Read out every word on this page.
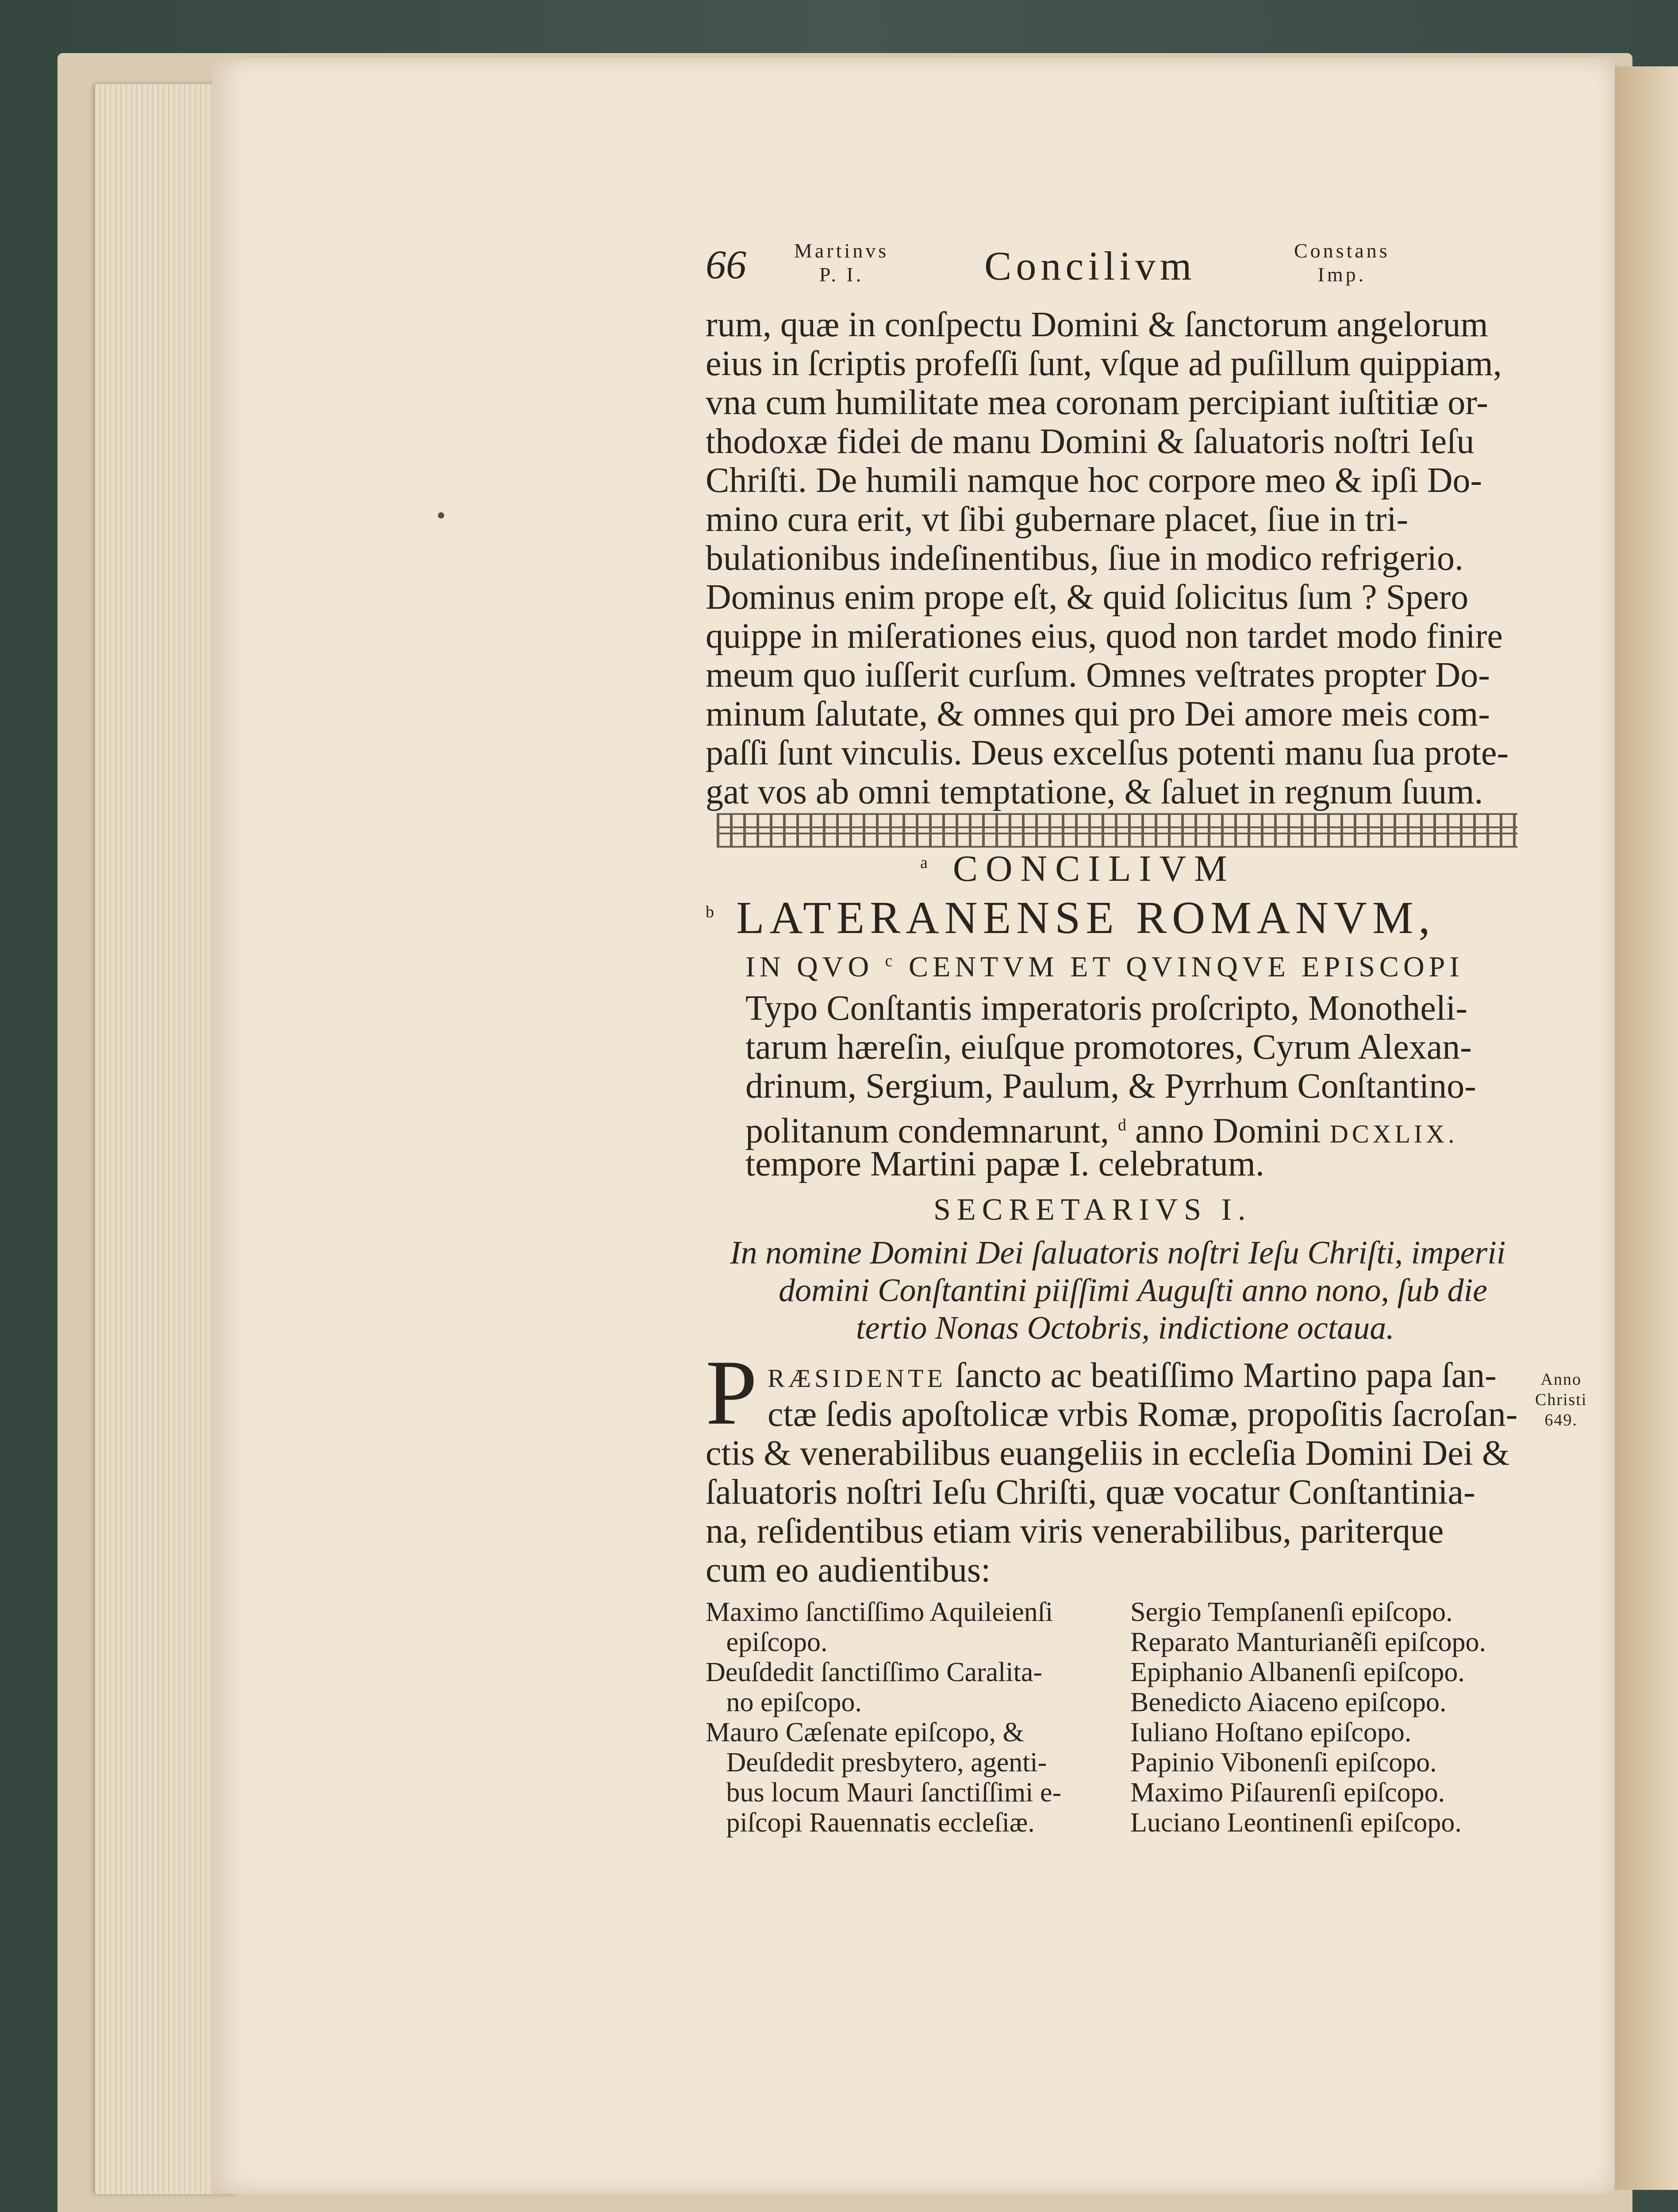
66 Martinvs
P. I.	Concilivm	Constans
Imp.
rum, quæ in conſpectu Domini & ſanctorum angelorum
eius in ſcriptis profeſſi ſunt, vſque ad puſillum quippiam,
vna cum humilitate mea coronam percipiant iuſtitiæ or-
thodoxæ fidei de manu Domini & ſaluatoris noſtri Ieſu
Chriſti. De humili namque hoc corpore meo & ipſi Do-
mino cura erit, vt ſibi gubernare placet, ſiue in tri-
bulationibus indeſinentibus, ſiue in modico refrigerio.
Dominus enim prope eſt, & quid ſolicitus ſum ? Spero
quippe in miſerationes eius, quod non tardet modo finire
meum quo iuſſerit curſum. Omnes veſtrates propter Do-
minum ſalutate, & omnes qui pro Dei amore meis com-
paſſi ſunt vinculis. Deus excelſus potenti manu ſua prote-
gat vos ab omni temptatione, & ſaluet in regnum ſuum.
$^a$ CONCILIVM
$^b$ LATERANENSE ROMANVM,
IN QVO $^c$ CENTVM ET QVINQVE EPISCOPI
Typo Conſtantis imperatoris proſcripto, Monotheli-
tarum hæreſin, eiuſque promotores, Cyrum Alexan-
drinum, Sergium, Paulum, & Pyrrhum Conſtantino-
politanum condemnarunt, $^d$ anno Domini DCXLIX.
tempore Martini papæ I. celebratum.
SECRETARIVS I.
In nomine Domini Dei ſaluatoris noſtri Ieſu Chriſti, imperii
domini Conſtantini piiſſimi Auguſti anno nono, ſub die
tertio Nonas Octobris, indictione octaua.
P RÆSIDENTE ſancto ac beatiſſimo Martino papa ſan-
ctæ ſedis apoſtolicæ vrbis Romæ, propoſitis ſacroſan-
ctis & venerabilibus euangeliis in eccleſia Domini Dei &
ſaluatoris noſtri Ieſu Chriſti, quæ vocatur Conſtantinia-
na, reſidentibus etiam viris venerabilibus, pariterque
cum eo audientibus:
Anno
Christi
649.
Maximo ſanctiſſimo Aquileienſi
epiſcopo.
Deuſdedit ſanctiſſimo Caralita-
no epiſcopo.
Mauro Cæſenate epiſcopo, &
Deuſdedit presbytero, agenti-
bus locum Mauri ſanctiſſimi e-
piſcopi Rauennatis eccleſiæ.
Sergio Tempſanenſi epiſcopo.
Reparato Manturianẽſi epiſcopo.
Epiphanio Albanenſi epiſcopo.
Benedicto Aiaceno epiſcopo.
Iuliano Hoſtano epiſcopo.
Papinio Vibonenſi epiſcopo.
Maximo Piſaurenſi epiſcopo.
Luciano Leontinenſi epiſcopo.
